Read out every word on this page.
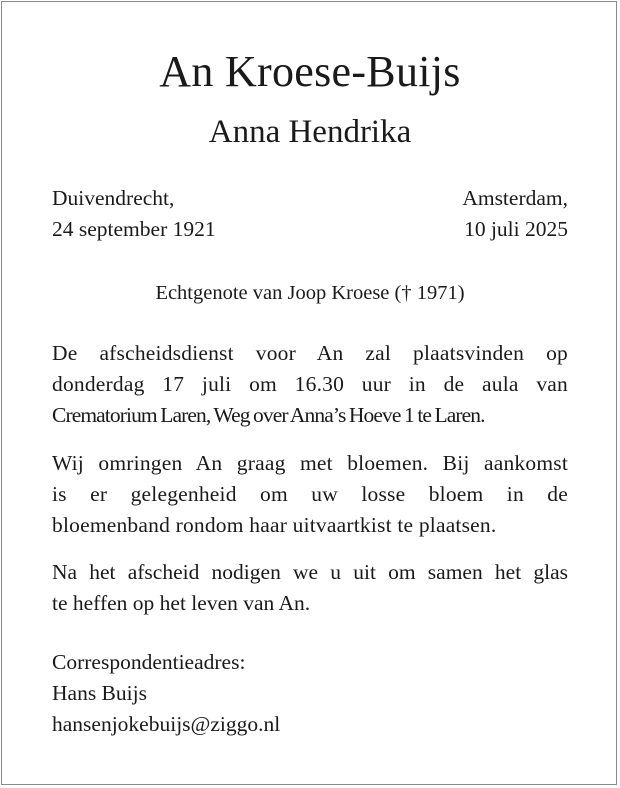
An Kroese-Buijs
Anna Hendrika
Duivendrecht,
24 september 1921
Amsterdam,
10 juli 2025
Echtgenote van Joop Kroese († 1971)
De afscheidsdienst voor An zal plaatsvinden op
donderdag 17 juli om 16.30 uur in de aula van
Crematorium Laren, Weg over Anna’s Hoeve 1 te Laren.
Wij omringen An graag met bloemen. Bij aankomst
is er gelegenheid om uw losse bloem in de
bloemenband rondom haar uitvaartkist te plaatsen.
Na het afscheid nodigen we u uit om samen het glas
te heffen op het leven van An.
Correspondentieadres:
Hans Buijs
hansenjokebuijs@ziggo.nl
